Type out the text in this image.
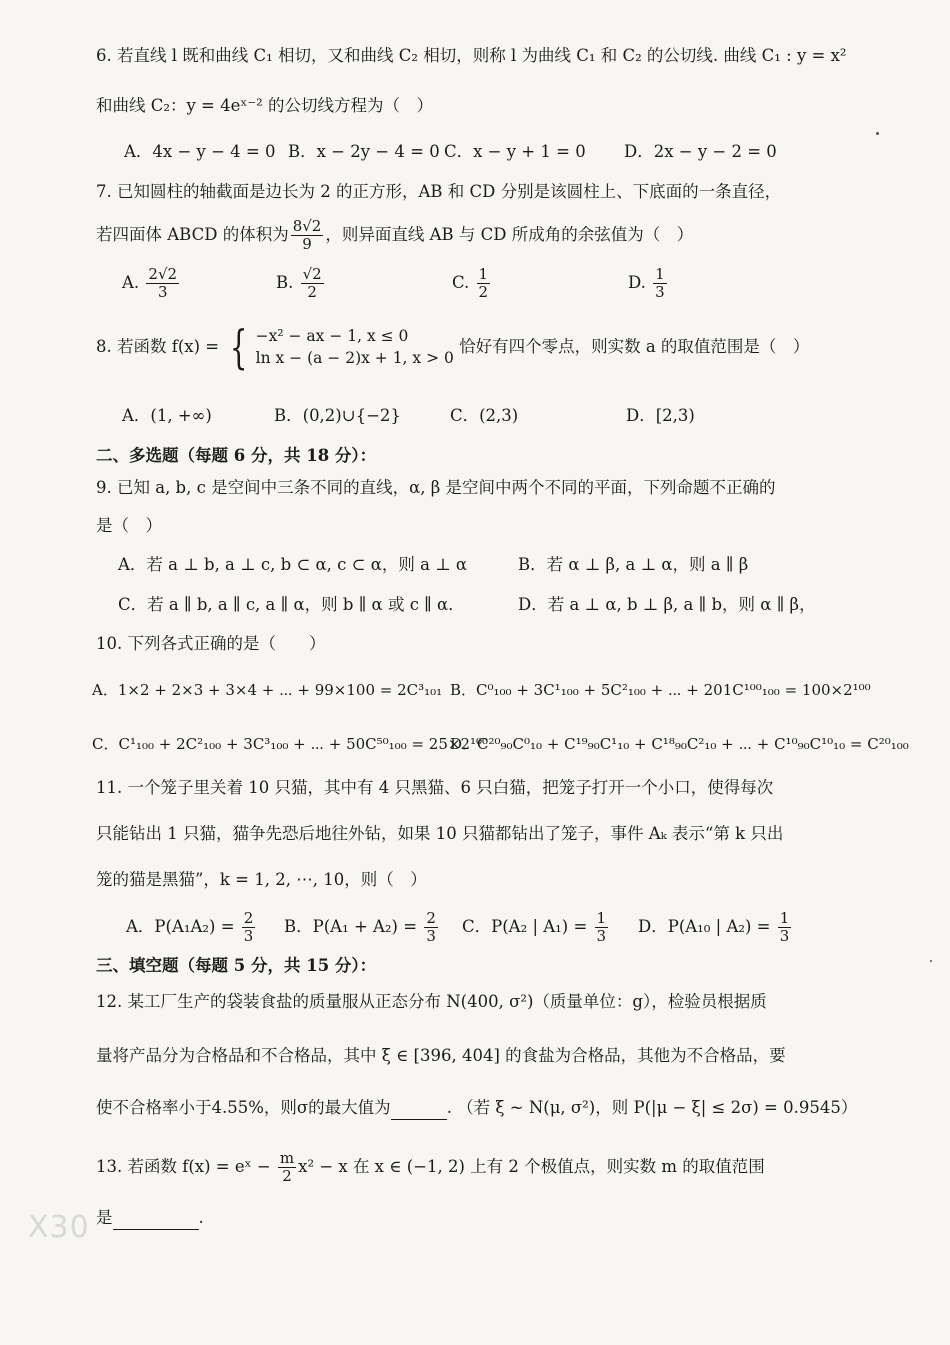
6. 若直线 l 既和曲线 C₁ 相切，又和曲线 C₂ 相切，则称 l 为曲线 C₁ 和 C₂ 的公切线. 曲线 C₁ : y = x²
和曲线 C₂：y = 4eˣ⁻² 的公切线方程为（　）
A．4x − y − 4 = 0 B．x − 2y − 4 = 0 C．x − y + 1 = 0 D．2x − y − 2 = 0
7. 已知圆柱的轴截面是边长为 2 的正方形，AB 和 CD 分别是该圆柱上、下底面的一条直径，
若四面体 ABCD 的体积为 $\frac{8√2}{9}$ ，则异面直线 AB 与 CD 所成角的余弦值为（　）
A. $\frac{2√2}{3}$	B. $\frac{√2}{2}$	C. $\frac{1}{2}$	D. $\frac{1}{3}$
8. 若函数 f(x) = { −x² − ax − 1, x ≤ 0
ln x − (a − 2)x + 1, x > 0
恰好有四个零点，则实数 a 的取值范围是（　）
A．(1, +∞)	B．(0,2)∪{−2}	C．(2,3)	D．[2,3)
二、多选题（每题 6 分，共 18 分）：
9. 已知 a, b, c 是空间中三条不同的直线，α, β 是空间中两个不同的平面，下列命题不正确的
是（　）
A．若 a ⊥ b, a ⊥ c, b ⊂ α, c ⊂ α，则 a ⊥ α	B．若 α ⊥ β, a ⊥ α，则 a ∥ β
C．若 a ∥ b, a ∥ c, a ∥ α，则 b ∥ α 或 c ∥ α．	D．若 a ⊥ α, b ⊥ β, a ∥ b，则 α ∥ β，
10. 下列各式正确的是（　　）
A．1×2 + 2×3 + 3×4 + ⋯ + 99×100 = 2C³₁₀₁ B．C⁰₁₀₀ + 3C¹₁₀₀ + 5C²₁₀₀ + ⋯ + 201C¹⁰⁰₁₀₀ = 100×2¹⁰⁰
C．C¹₁₀₀ + 2C²₁₀₀ + 3C³₁₀₀ + ⋯ + 50C⁵⁰₁₀₀ = 25×2¹⁰⁰
D．C²⁰₉₀C⁰₁₀ + C¹⁹₉₀C¹₁₀ + C¹⁸₉₀C²₁₀ + ⋯ + C¹⁰₉₀C¹⁰₁₀ = C²⁰₁₀₀
11. 一个笼子里关着 10 只猫，其中有 4 只黑猫、6 只白猫，把笼子打开一个小口，使得每次
只能钻出 1 只猫，猫争先恐后地往外钻，如果 10 只猫都钻出了笼子，事件 Aₖ 表示“第 k 只出
笼的猫是黑猫”，k = 1, 2, ⋯, 10，则（　）
A．$P(A_1A_2) = \frac{2}{3}$ B．$P(A_1 + A_2) = \frac{2}{3}$ C．P(A₂ | $A_1) = \frac{1}{3}$ D．P(A₁₀ | $A_2) = \frac{1}{3}$
三、填空题（每题 5 分，共 15 分）：
12. 某工厂生产的袋装食盐的质量服从正态分布 N(400, σ²)（质量单位：g），检验员根据质
量将产品分为合格品和不合格品，其中 ξ ∈ [396, 404] 的食盐为合格品，其他为不合格品，要
使不合格率小于4.55%，则σ的最大值为	. （若 ξ ~ N(μ, σ²)，则 P(|μ − ξ| ≤ 2σ) = 0.9545）
13. 若函数 f(x) = eˣ − $\frac{m}{2} x^2 - x$ 在 x ∈ (−1, 2) 上有 2 个极值点，则实数 m 的取值范围
是	.
X30
